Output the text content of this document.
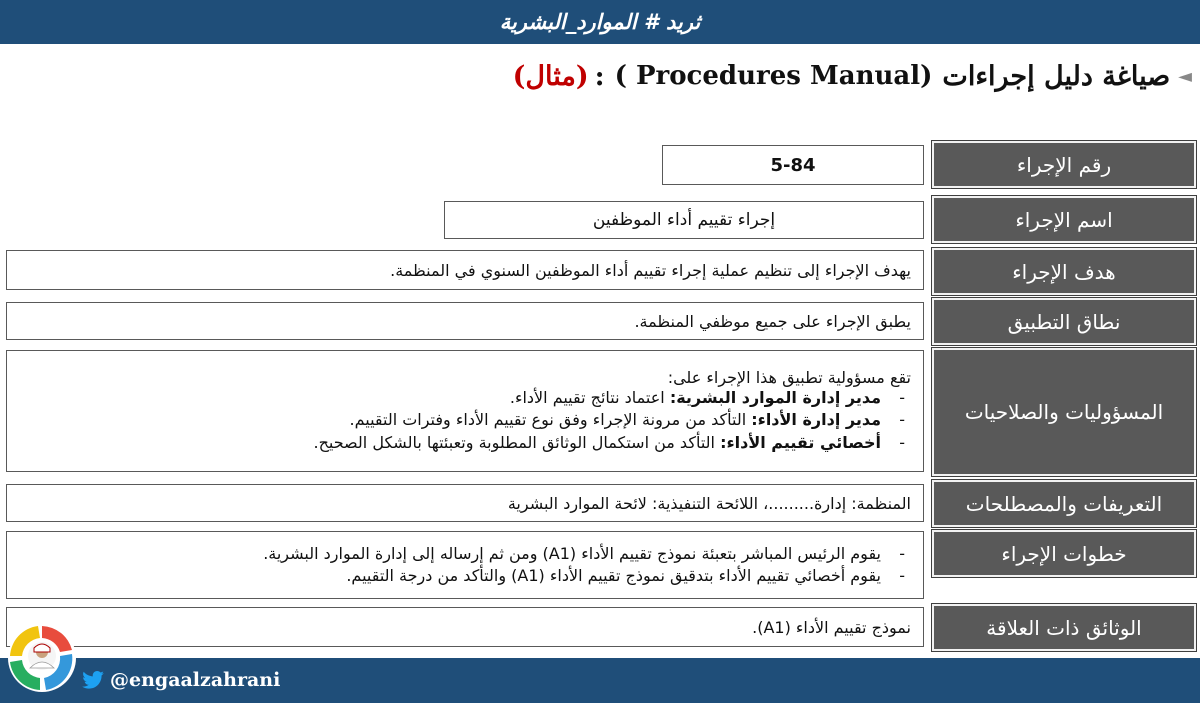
ثريد # الموارد_البشرية
◄
صياغة دليل إجراءات
( Procedures Manual)
:
(مثال)
رقم الإجراء
5-84
اسم الإجراء
إجراء تقييم أداء الموظفين
هدف الإجراء
يهدف الإجراء إلى تنظيم عملية إجراء تقييم أداء الموظفين السنوي في المنظمة.
نطاق التطبيق
يطبق الإجراء على جميع موظفي المنظمة.
المسؤوليات والصلاحيات
تقع مسؤولية تطبيق هذا الإجراء على:
- مدير إدارة الموارد البشرية: اعتماد نتائج تقييم الأداء.
- مدير إدارة الأداء: التأكد من مرونة الإجراء وفق نوع تقييم الأداء وفترات التقييم.
- أخصائي تقييم الأداء: التأكد من استكمال الوثائق المطلوبة وتعبئتها بالشكل الصحيح.
التعريفات والمصطلحات
المنظمة: إدارة.........، اللائحة التنفيذية: لائحة الموارد البشرية
خطوات الإجراء
- يقوم الرئيس المباشر بتعبئة نموذج تقييم الأداء (A1) ومن ثم إرساله إلى إدارة الموارد البشرية.
- يقوم أخصائي تقييم الأداء بتدقيق نموذج تقييم الأداء (A1) والتأكد من درجة التقييم.
الوثائق ذات العلاقة
نموذج تقييم الأداء (A1).
@engaalzahrani
